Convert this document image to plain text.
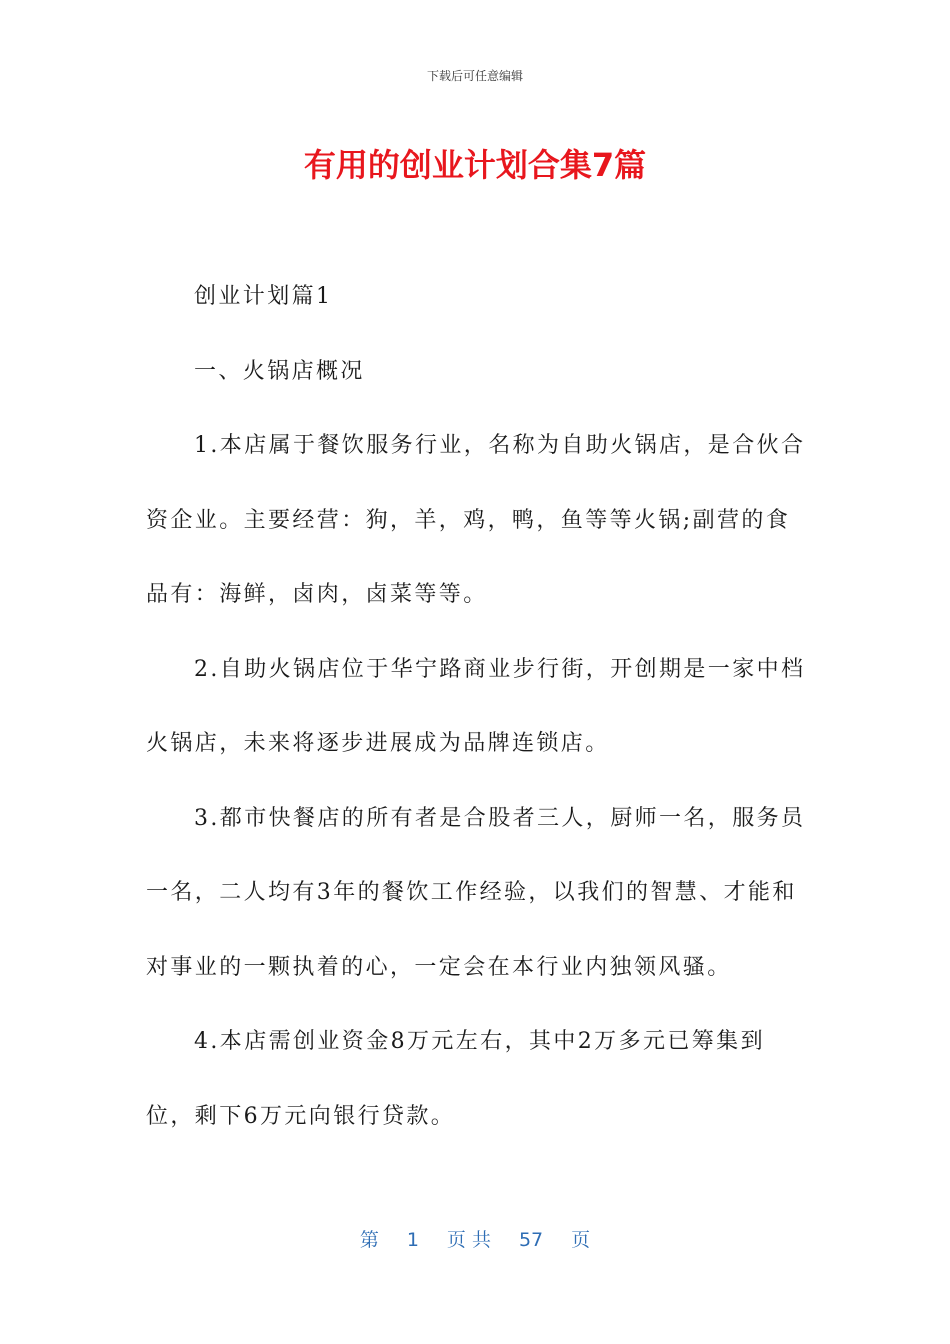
下载后可任意编辑
有用的创业计划合集7篇

创业计划篇1

一、火锅店概况

1.本店属于餐饮服务行业，名称为自助火锅店，是合伙合资企业。主要经营：狗，羊，鸡，鸭，鱼等等火锅;副营的食品有：海鲜，卤肉，卤菜等等。

2.自助火锅店位于华宁路商业步行街，开创期是一家中档火锅店，未来将逐步进展成为品牌连锁店。

3.都市快餐店的所有者是合股者三人，厨师一名，服务员一名，二人均有3年的餐饮工作经验，以我们的智慧、才能和对事业的一颗执着的心，一定会在本行业内独领风骚。

4.本店需创业资金8万元左右，其中2万多元已筹集到位，剩下6万元向银行贷款。

第 1 页 共 57 页
